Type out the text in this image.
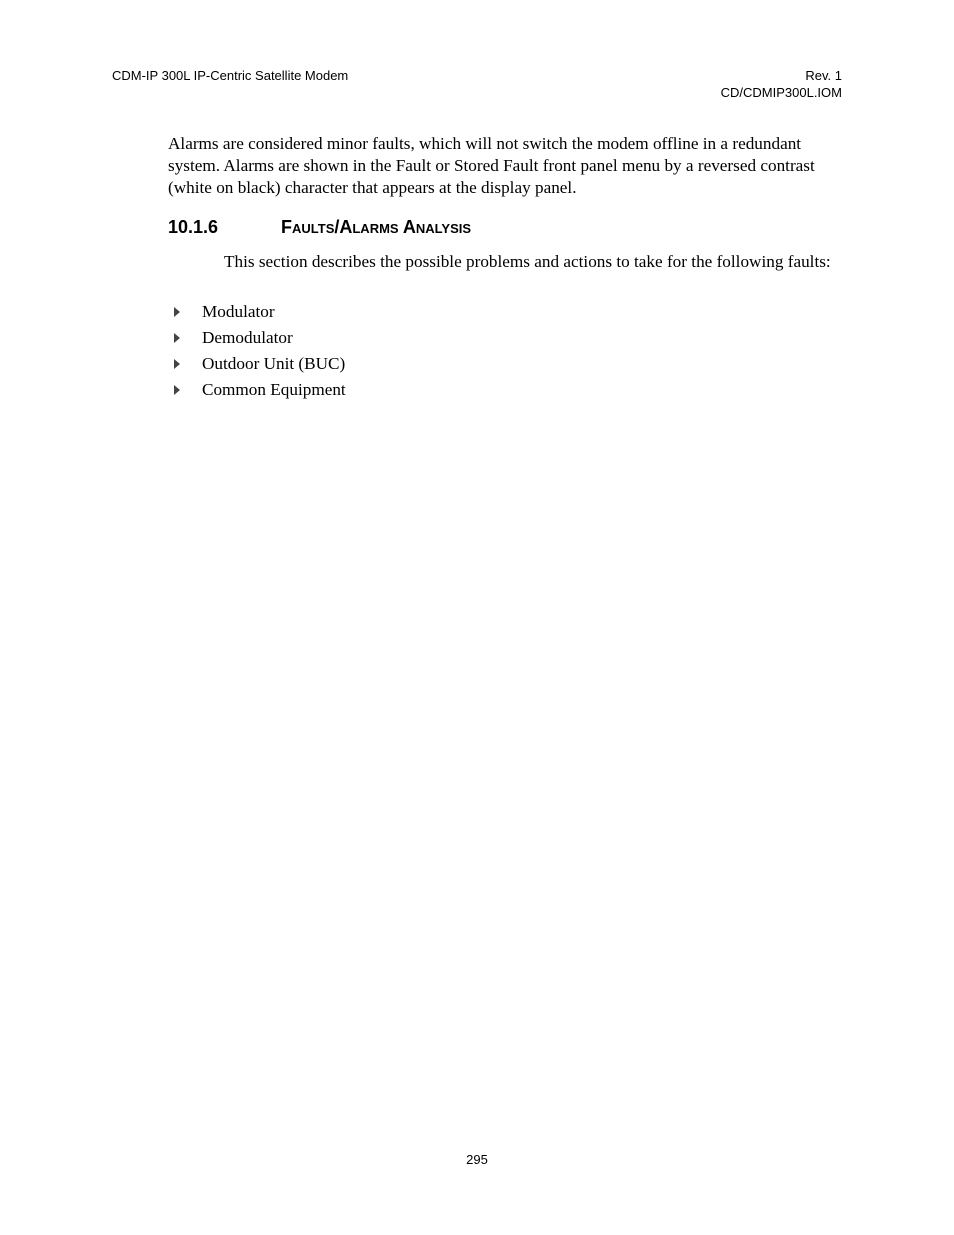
CDM-IP 300L IP-Centric Satellite Modem	Rev. 1
CD/CDMIP300L.IOM

Alarms are considered minor faults, which will not switch the modem offline in a redundant system. Alarms are shown in the Fault or Stored Fault front panel menu by a reversed contrast (white on black) character that appears at the display panel.

10.1.6	Faults/Alarms Analysis

This section describes the possible problems and actions to take for the following faults:

Modulator
Demodulator
Outdoor Unit (BUC)
Common Equipment
295
